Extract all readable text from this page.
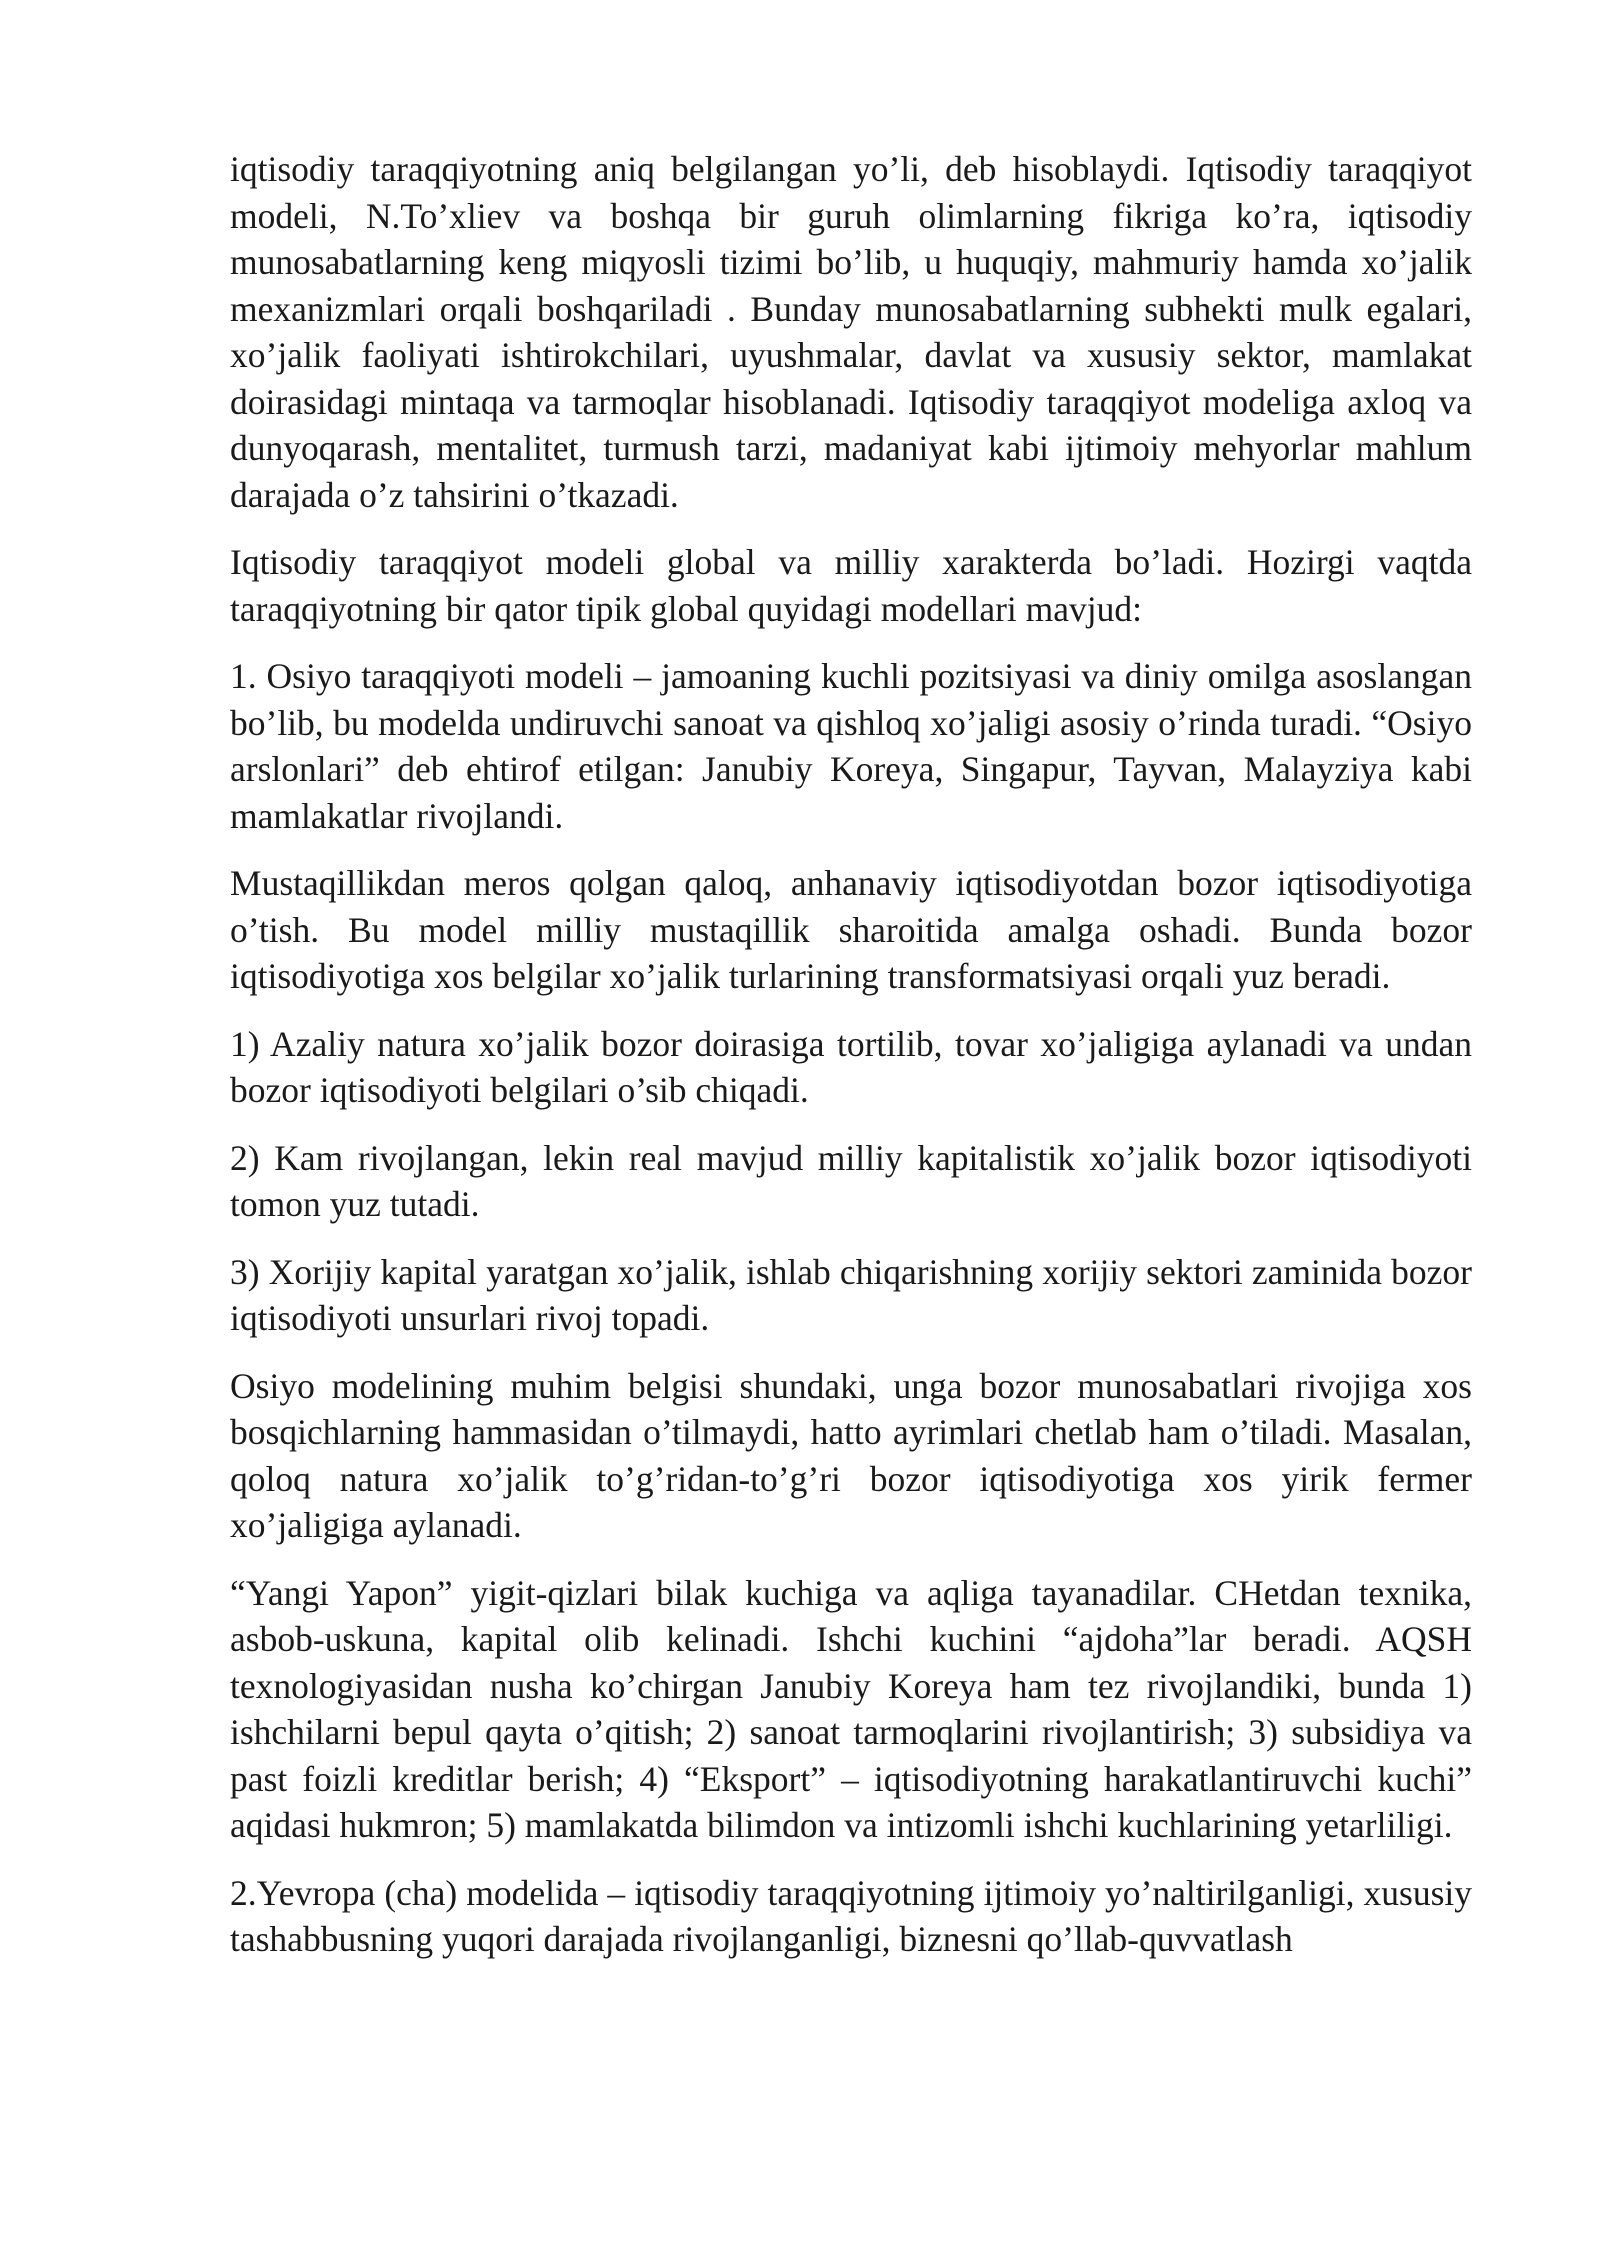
iqtisodiy taraqqiyotning aniq belgilangan yo’li, deb hisoblaydi. Iqtisodiy taraqqiyot modeli, N.To’xliev va boshqa bir guruh olimlarning fikriga ko’ra, iqtisodiy munosabatlarning keng miqyosli tizimi bo’lib, u huquqiy, mahmuriy hamda xo’jalik mexanizmlari orqali boshqariladi . Bunday munosabatlarning subhekti mulk egalari, xo’jalik faoliyati ishtirokchilari, uyushmalar, davlat va xususiy sektor, mamlakat doirasidagi mintaqa va tarmoqlar hisoblanadi. Iqtisodiy taraqqiyot modeliga axloq va dunyoqarash, mentalitet, turmush tarzi, madaniyat kabi ijtimoiy mehyorlar mahlum darajada o’z tahsirini o’tkazadi.

Iqtisodiy taraqqiyot modeli global va milliy xarakterda bo’ladi. Hozirgi vaqtda taraqqiyotning bir qator tipik global quyidagi modellari mavjud:

1. Osiyo taraqqiyoti modeli – jamoaning kuchli pozitsiyasi va diniy omilga asoslangan bo’lib, bu modelda undiruvchi sanoat va qishloq xo’jaligi asosiy o’rinda turadi. “Osiyo arslonlari” deb ehtirof etilgan: Janubiy Koreya, Singapur, Tayvan, Malayziya kabi mamlakatlar rivojlandi.

Mustaqillikdan meros qolgan qaloq, anhanaviy iqtisodiyotdan bozor iqtisodiyotiga o’tish. Bu model milliy mustaqillik sharoitida amalga oshadi. Bunda bozor iqtisodiyotiga xos belgilar xo’jalik turlarining transformatsiyasi orqali yuz beradi.

1) Azaliy natura xo’jalik bozor doirasiga tortilib, tovar xo’jaligiga aylanadi va undan bozor iqtisodiyoti belgilari o’sib chiqadi.

2) Kam rivojlangan, lekin real mavjud milliy kapitalistik xo’jalik bozor iqtisodiyoti tomon yuz tutadi.

3) Xorijiy kapital yaratgan xo’jalik, ishlab chiqarishning xorijiy sektori zaminida bozor iqtisodiyoti unsurlari rivoj topadi.

Osiyo modelining muhim belgisi shundaki, unga bozor munosabatlari rivojiga xos bosqichlarning hammasidan o’tilmaydi, hatto ayrimlari chetlab ham o’tiladi. Masalan, qoloq natura xo’jalik to’g’ridan-to’g’ri bozor iqtisodiyotiga xos yirik fermer xo’jaligiga aylanadi.

“Yangi Yapon” yigit-qizlari bilak kuchiga va aqliga tayanadilar. CHetdan texnika, asbob-uskuna, kapital olib kelinadi. Ishchi kuchini “ajdoha”lar beradi. AQSH texnologiyasidan nusha ko’chirgan Janubiy Koreya ham tez rivojlandiki, bunda 1) ishchilarni bepul qayta o’qitish; 2) sanoat tarmoqlarini rivojlantirish; 3) subsidiya va past foizli kreditlar berish; 4) “Eksport” – iqtisodiyotning harakatlantiruvchi kuchi” aqidasi hukmron; 5) mamlakatda bilimdon va intizomli ishchi kuchlarining yetarliligi.

2.Yevropa (cha) modelida – iqtisodiy taraqqiyotning ijtimoiy yo’naltirilganligi, xususiy tashabbusning yuqori darajada rivojlanganligi, biznesni qo’llab-quvvatlash
